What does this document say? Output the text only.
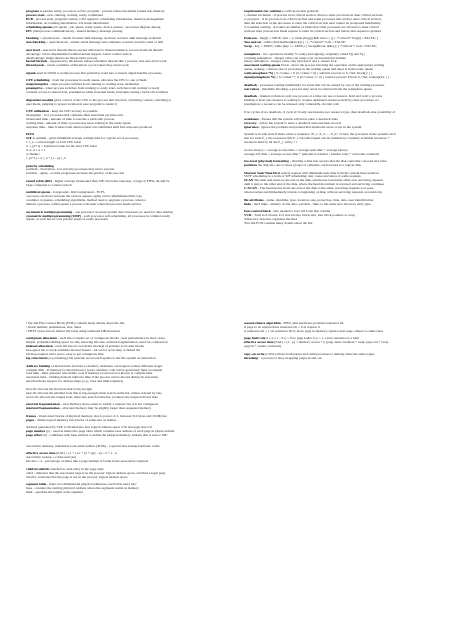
program is passive entity, process is active, program - process when executable loaded into memory
process state - new, running, waiting, ready, terminated
PCB - process state, program counter, CPU registers, scheduling information, memory-management
information, Accounting information, I/O status information
scheduling queues job queue - job queue, ready queue, device queues - processes migrate among
IPC (interprocess communication) - shared memory, message passing
blocking = synchronous - sender blocked until message received, receiver until message available
non-blocking = asynchronous - sender sends message and continues, receiver receives valid or null
user level - user-level threads library, kernel oblivious to thread existence, process holds all threads
advantage: can be implemented without kernel support, faster context switch
disadvantage: single thread can block entire process
kernel threads - supported by the kernel, kernel schedules threads like a process, less user-level work
thread pools - create a number of threads in a pool where they await work
signals used in UNIX to notify process that particular event has occurred, signal handler processes
CPU scheduling - from the processes in ready queue, allocates the CPU to one of them
nonpreemptive - when process switches from running to waiting state, terminates
preemptive - when process switches from running to ready state, switches from waiting to ready
consider access to shared data, preemption while in kernel mode, interrupts during crucial OS activities
dispatcher module gives control of the CPU to the process that involves: switching context, switching to
user mode, jumping to proper location in user program to restart it
CPU utilization - keep the CPU as busy as possible
throughput - # of processes that complete their execution per time unit
turnaround time - amount of time to execute a particular process
waiting time - amount of time a process has been waiting in the ready queue
response time - time it takes from when request was submitted until first response produced
FIFO
SJF is optimal - gives minimum average waiting time for a given set of processes
1. t_n = actual length of n^th CPU burst
2. τ_(n+1) = predicted value for the next CPU burst
3. α, 0 ≤ α ≤ 1
4. Define:
τ_(n+1) = α t_n + (1 - α) τ_n
priority scheduling
problem - Starvation - low priority processes may never execute
solution - aging - as time progresses increase the priority of the process
round robin (RR) - higher average turnaround than SJF, but better response, q large ⇒ FIFO, should be
large compared to context switch
multilevel queue - foreground - RR, background - FCFS
a process can move between the various queues; aging can be implemented this way
a number of queues, scheduling algorithms, method used to upgrade a process, when to
demote a process, which queue a process will enter when that process needs service
asymmetric multiprogramming - one processor accesses system data structures, no need for data sharing
symmetric multiprogramming (SMP) - each processor self-scheduling, all processes in common ready
queue, or each has its own private queue of ready processes
• Per-file File Control Block (FCB) contains many details about the file
• Inode number, permissions, size, dates
• NFTS stores into in master file table using relational DB structures
contiguous allocation - each file occupies set of contiguous blocks - best performance in most cases,
simple, problems finding space for file, knowing file size, external fragmentation, need for compaction
indexed allocation - each file has its own index block(s) of pointers to its data blocks
free-space list to track available blocks/clusters - bit vector or bit map or linked list
bit map requires extra space, easy to get contiguous files
log structured (or journaling) file systems record each update to the file system as transaction
Address binding of instructions and data to memory addresses can happen at three different stages
compile time - If memory location known a priori, absolute code can be generated; must recompile
load time - must generate relocatable code if memory location is not known at compile time
execution time - binding delayed until run time if the process can be moved during its execution
need hardware support for address maps (e.g., base and limit registers)
first-fit: allocate the first hole that is big enough
best-fit: allocate the smallest hole that is big enough; must search entire list, unless ordered by size
worst-fit: allocate the largest hole; must also search entire list, produces the largest leftover hole
external fragmentation - total memory space exists to satisfy a request, but it is not contiguous
internal fragmentation - allocated memory may be slightly larger than requested memory
frames - fixed-sized blocks of physical memory, size is power of 2, between 512 bytes and 16 Mbytes
pages - divide logical memory into blocks of same size as frames
Address generated by CPU is divided into m-n logical address space 2^m and page size 2^n
page number (p) - used as index into page table which contains base address of each page in physical mem
page offset (d) - combined with base address to define the physical memory address that is sent to MU
associative memory, translation look-aside buffers (TLBs) - a special fast-lookup hardware cache
effective access time (EAT) = (1 + ε) α + (2 + ε)(1 - α) = 2 + ε - α
associative lookup = ε time unit (ns)
hit ratio = α - percentage of times that a page number is found in the associative registers
valid-invalid bit attached to each entry in the page table
valid - indicates that the associated page is in the process' logical address space, and thus a legal page
invalid - indicates that the page is not in the process' logical address space
segment table - maps two-dimensional physical addresses; each table entry has:
base - contains the starting physical address where the segments reside in memory
limit - specifies the length of the segment
requirements for solution to critical-section problem
1. mutual exclusion - if process in its critical section, then no other processes in their critical sections
2. progress - if no process is in critical section and some processes that wish to enter critical section,
then the selection of the processes to enter the critical section next cannot be postponed indefinitely
3. bounded waiting - A bound on number of times that other processes are allowed to enter critical
sections after process has made request to enter its critical section and before that request is granted
Peterson - flag[i] = TRUE; turn = j; while (flag[j] && turn == j) { /*critical*/ flag[i] = FALSE; }
Test and set - while (TestAndSet(&lock)) { ; } /*critical*/ lock = FALSE;
Swap - key = TRUE; while (key == TRUE) { Swap(&lock, &key); } /*critical*/ lock = FALSE;
semaphore - two operations modify S: wait() and signal(), originally called P() and V()
counting semaphore - integer value can range over an unrestricted domain
binary semaphore - integer value only between 0 and 1, mutex lock
associated waiting queue block - place the process invoking the operation on the appropriate waiting
queue, wakeup - remove one of processes in the waiting queue and place it in the ready queue
wait(semaphore *S) { S->value--; if (S->value < 0) { add this process to S->list; block(); } }
signal(semaphore *S) { S->value++; if (S->value <= 0) { remove process P from S->list; wakeup(P); } }
deadlock - processes waiting indefinitely for event that can be caused by one of the waiting processes
starvation - indefinite blocking, a process may never be removed from the semaphore queue
deadlock - mutual exclusion: only one process at a time can use a resource. hold and wait: a process
holding at least one resource is waiting to acquire additional resources held by other processes, no
preemption: a resource can be released only voluntarily. circular wait
if no cycles ⇒ no deadlock, if cycle ⇒ if only one instance per resource type, then deadlock else possibility of
avoidance - Ensure that the system will never enter a deadlock state
recovery - Allow the system to enter a deadlock state and then recover
ignorance - Ignore the problem and pretend that deadlocks never occur in the system
System is in safe state if there exists a sequence <P_1, P_2, ..., P_n> of ALL the processes in the systems such
that for each P_i, the resources that P_i can still request can be satisfied by currently available resources +
resources held by all the P_j, with j < i
access latency = average access time = average seek time + average latency
average I/O time = average access time + (amount to transfer / transfer rate) + controller overhead
low-level (physical) formatting - dividing a disk into sectors that the disk controller can read and write
partition the disk into one or more groups of cylinders, each treated as a logical disk
Shortest Seek Time First selects request with minimum seek time from the current head position
SSTF scheduling is a form of SJF scheduling; may cause starvation of some requests
SCAN The disk arm starts at one end of the disk, and moves toward the other end, servicing requests
until it gets to the other end of the disk, where the head movement is reversed and servicing continues
C-SCAN - The head moves from one end of the disk to the other, servicing requests as it goes.
when reaches end immediately returns to beginning of disk, without servicing requests on return trip
file attributes - name, identifier, type, location, size, protection, time, date, user identification
links - hard links - identity of file data, soft link - links to file same new directory entry type
boot control block - info needed to boot OS from that volume
VCB - Total # of blocks, # of free blocks, block size, free block pointers or array
•Directory structure organizes the files
•Per-file FCB contains many details about the file
second-chance algorithm - FIFO, plus hardware-provided reference bit
if page to be replaced has reference bit = 0 ⇒ replace it
if reference bit = 1 set reference bit 0, leave page in memory, replace next page, subject to same rules
page fault rate 0 ≤ p ≤ 1 - if p = 0 no page faults, if p = 1, every reference is a fault
effective access time (EAT) = (1 - p) × memory access + p (page fault overhead + swap page out + swap
page in + restart overhead)
copy-on-write (COW) allows both parent and child processes to initially share the same pages
thrashing - a process is busy swapping pages in and out
